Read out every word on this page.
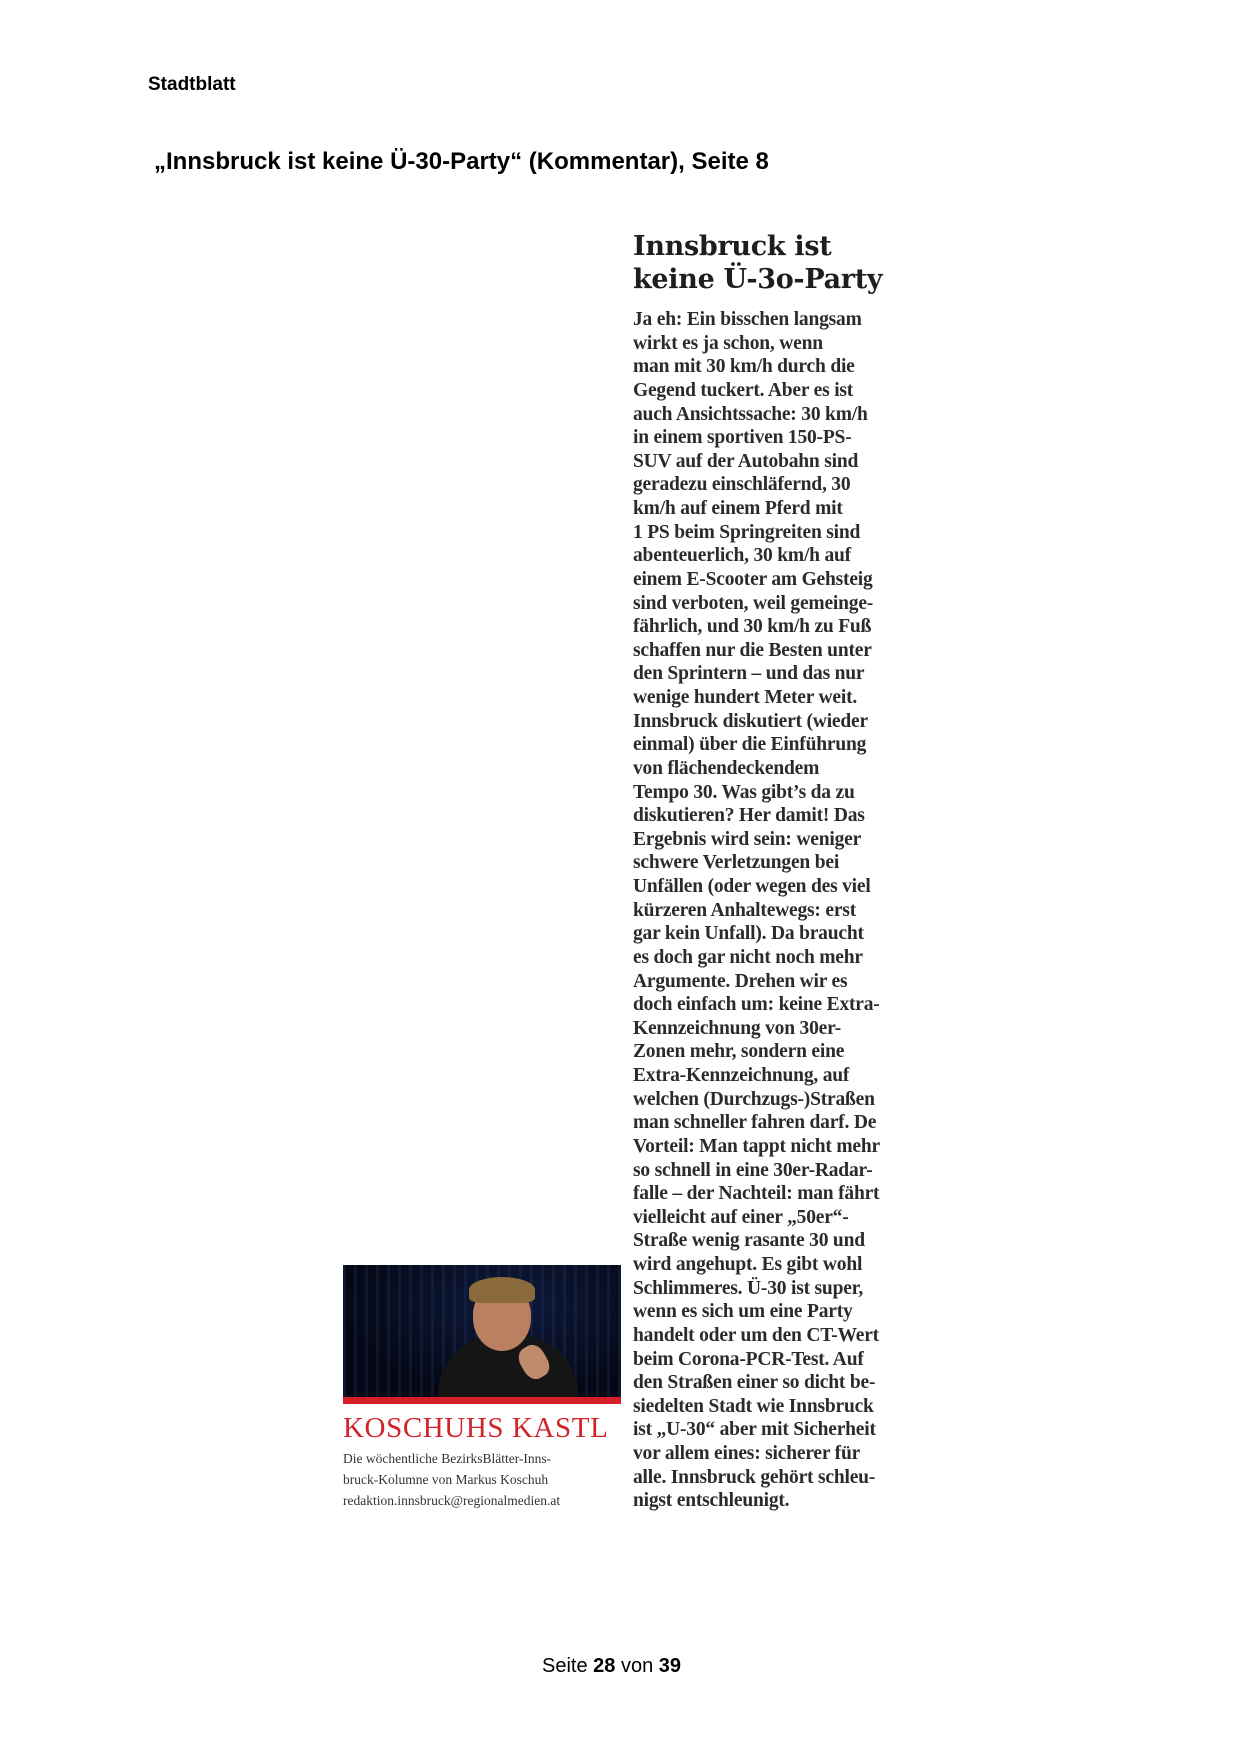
Stadtblatt
„Innsbruck ist keine Ü-30-Party“ (Kommentar), Seite 8
Innsbruck ist
keine Ü-3o-Party
Ja eh: Ein bisschen langsam
wirkt es ja schon, wenn
man mit 30 km/h durch die
Gegend tuckert. Aber es ist
auch Ansichtssache: 30 km/h
in einem sportiven 150-PS-
SUV auf der Autobahn sind
geradezu einschläfernd, 30
km/h auf einem Pferd mit
1 PS beim Springreiten sind
abenteuerlich, 30 km/h auf
einem E-Scooter am Gehsteig
sind verboten, weil gemeinge-
fährlich, und 30 km/h zu Fuß
schaffen nur die Besten unter
den Sprintern – und das nur
wenige hundert Meter weit.
Innsbruck diskutiert (wieder
einmal) über die Einführung
von flächendeckendem
Tempo 30. Was gibt’s da zu
diskutieren? Her damit! Das
Ergebnis wird sein: weniger
schwere Verletzungen bei
Unfällen (oder wegen des viel
kürzeren Anhaltewegs: erst
gar kein Unfall). Da braucht
es doch gar nicht noch mehr
Argumente. Drehen wir es
doch einfach um: keine Extra-
Kennzeichnung von 30er-
Zonen mehr, sondern eine
Extra-Kennzeichnung, auf
welchen (Durchzugs-)Straßen
man schneller fahren darf. De
Vorteil: Man tappt nicht mehr
so schnell in eine 30er-Radar-
falle – der Nachteil: man fährt
vielleicht auf einer „50er“-
Straße wenig rasante 30 und
wird angehupt. Es gibt wohl
Schlimmeres. Ü-30 ist super,
wenn es sich um eine Party
handelt oder um den CT-Wert
beim Corona-PCR-Test. Auf
den Straßen einer so dicht be-
siedelten Stadt wie Innsbruck
ist „U-30“ aber mit Sicherheit
vor allem eines: sicherer für
alle. Innsbruck gehört schleu-
nigst entschleunigt.
KOSCHUHS KASTL
Die wöchentliche BezirksBlätter-Inns-
bruck-Kolumne von Markus Koschuh
redaktion.innsbruck@regionalmedien.at
Seite 28 von 39
